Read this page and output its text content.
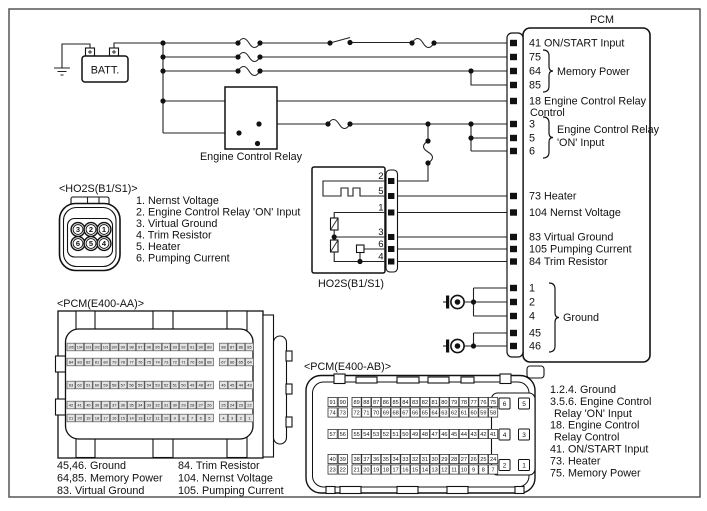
BATT.
Engine Control Relay
2
5
1
3
6
4
HO2S(B1/S1)
<HO2S(B1/S1)>
3 2 1
6 5 4
1. Nernst Voltage
2. Engine Control Relay 'ON' Input
3. Virtual Ground
4. Trim Resistor
5. Heater
6. Pumping Current
<PCM(E400-AA)>
105 104 103 102 101 100 99 98 97 96 95 94 93 92 91 90 89 88 87 86 85
84 83 82 81 80 79 78 77 76 75 74 73 72 71 70 69 68 67 66 65 64
63 62 61 60 59 58 57 56 55 54 53 52 51 50 49 48 47 46 45 44 43
42 41 40 39 38 37 36 35 34 33 32 31 30 29 28 27 26 25 24 23 22
21 20 19 18 17 16 15 14 13 12 11 10 9 8 7 6 5	4 3 2 1
45,46. Ground
64,85. Memory Power
83. Virtual Ground
84. Trim Resistor
104. Nernst Voltage
105. Pumping Current
<PCM(E400-AB)>
91 90 89 88 87 86 85 84 83 82 81 80 79 78 77 76 75
74 73 72 71 70 69 68 67 66 65 64 63 62 61 60 59 58
57 56 55 54 53 52 51 50 49 48 47 46 45 44 43 42 41
40 39 38 37 36 35 34 33 32 31 30 29 28 27 26 25 24
23 22 21 20 19 18 17 16 15 14 13 12 11 10 9 8 7
6 5
4 3
2 1
1.2.4. Ground
3.5.6. Engine Control
Relay 'ON' Input
18. Engine Control
Relay Control
41. ON/START Input
73. Heater
75. Memory Power
PCM
41 ON/START Input
75
64
85
18 Engine Control Relay
Control
3
5
6
73 Heater
104 Nernst Voltage
83 Virtual Ground
105 Pumping Current
84 Trim Resistor
1
2
4
45
46
Memory Power
Engine Control Relay
'ON' Input
Ground
